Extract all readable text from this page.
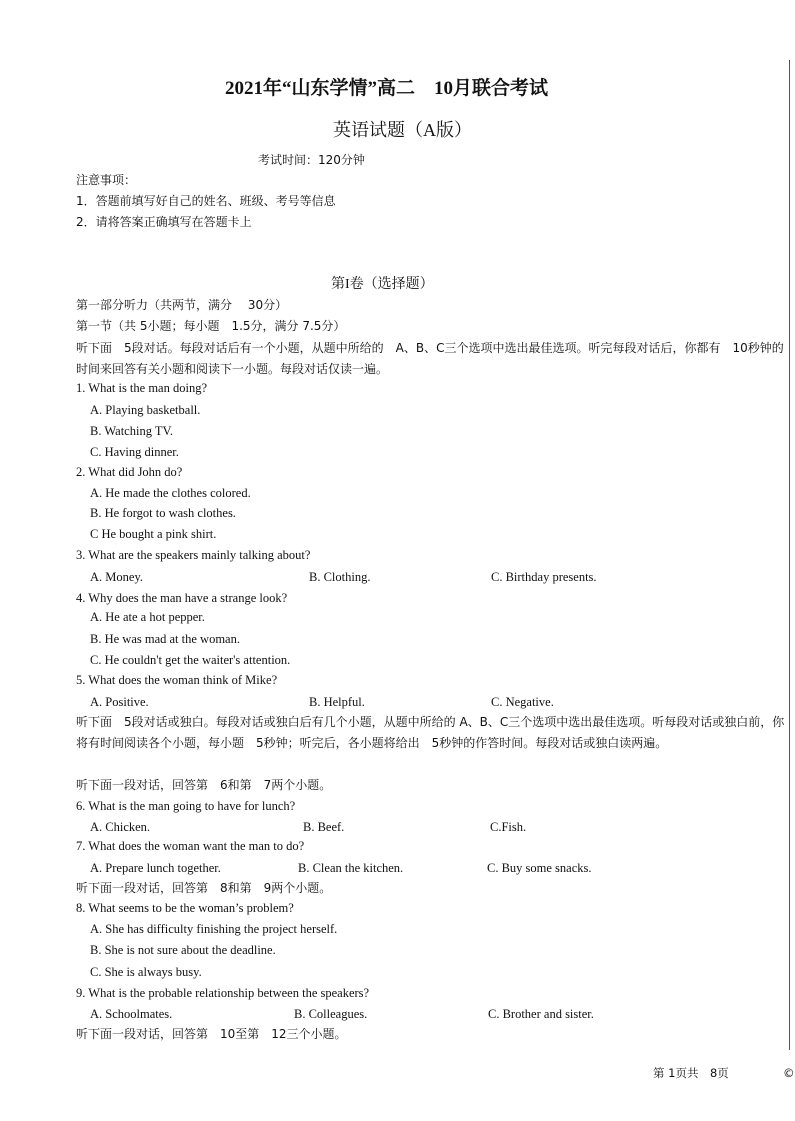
2021年“山东学情”高二　10月联合考试
英语试题（A版）
考试时间：120分钟
注意事项：
1．答题前填写好自己的姓名、班级、考号等信息
2．请将答案正确填写在答题卡上
第I卷（选择题）
第一部分听力（共两节，满分　 30分）
第一节（共 5小题；每小题　1.5分，满分 7.5分）
听下面　5段对话。每段对话后有一个小题，从题中所给的　A、B、C三个选项中选出最佳选项。听完每段对话后，你都有　10秒钟的时间来回答有关小题和阅读下一小题。每段对话仅读一遍。
1. What is the man doing?
A. Playing basketball.
B. Watching TV.
C. Having dinner.
2. What did John do?
A. He made the clothes colored.
B. He forgot to wash clothes.
C He bought a pink shirt.
3. What are the speakers mainly talking about?
A. Money.	B. Clothing.	C. Birthday presents.
4. Why does the man have a strange look?
A. He ate a hot pepper.
B. He was mad at the woman.
C. He couldn't get the waiter's attention.
5. What does the woman think of Mike?
A. Positive.	B. Helpful.	C. Negative.
听下面　5段对话或独白。每段对话或独白后有几个小题，从题中所给的 A、B、C三个选项中选出最佳选项。听每段对话或独白前，你将有时间阅读各个小题，每小题　5秒钟；听完后，各小题将给出　5秒钟的作答时间。每段对话或独白读两遍。
听下面一段对话，回答第　6和第　7两个小题。
6. What is the man going to have for lunch?
A. Chicken.	B. Beef.	C.Fish.
7. What does the woman want the man to do?
A. Prepare lunch together.	B. Clean the kitchen.	C. Buy some snacks.
听下面一段对话，回答第　8和第　9两个小题。
8. What seems to be the woman’s problem?
A. She has difficulty finishing the project herself.
B. She is not sure about the deadline.
C. She is always busy.
9. What is the probable relationship between the speakers?
A. Schoolmates.	B. Colleagues.	C. Brother and sister.
听下面一段对话，回答第　10至第　12三个小题。
第 1页共　8页	©
